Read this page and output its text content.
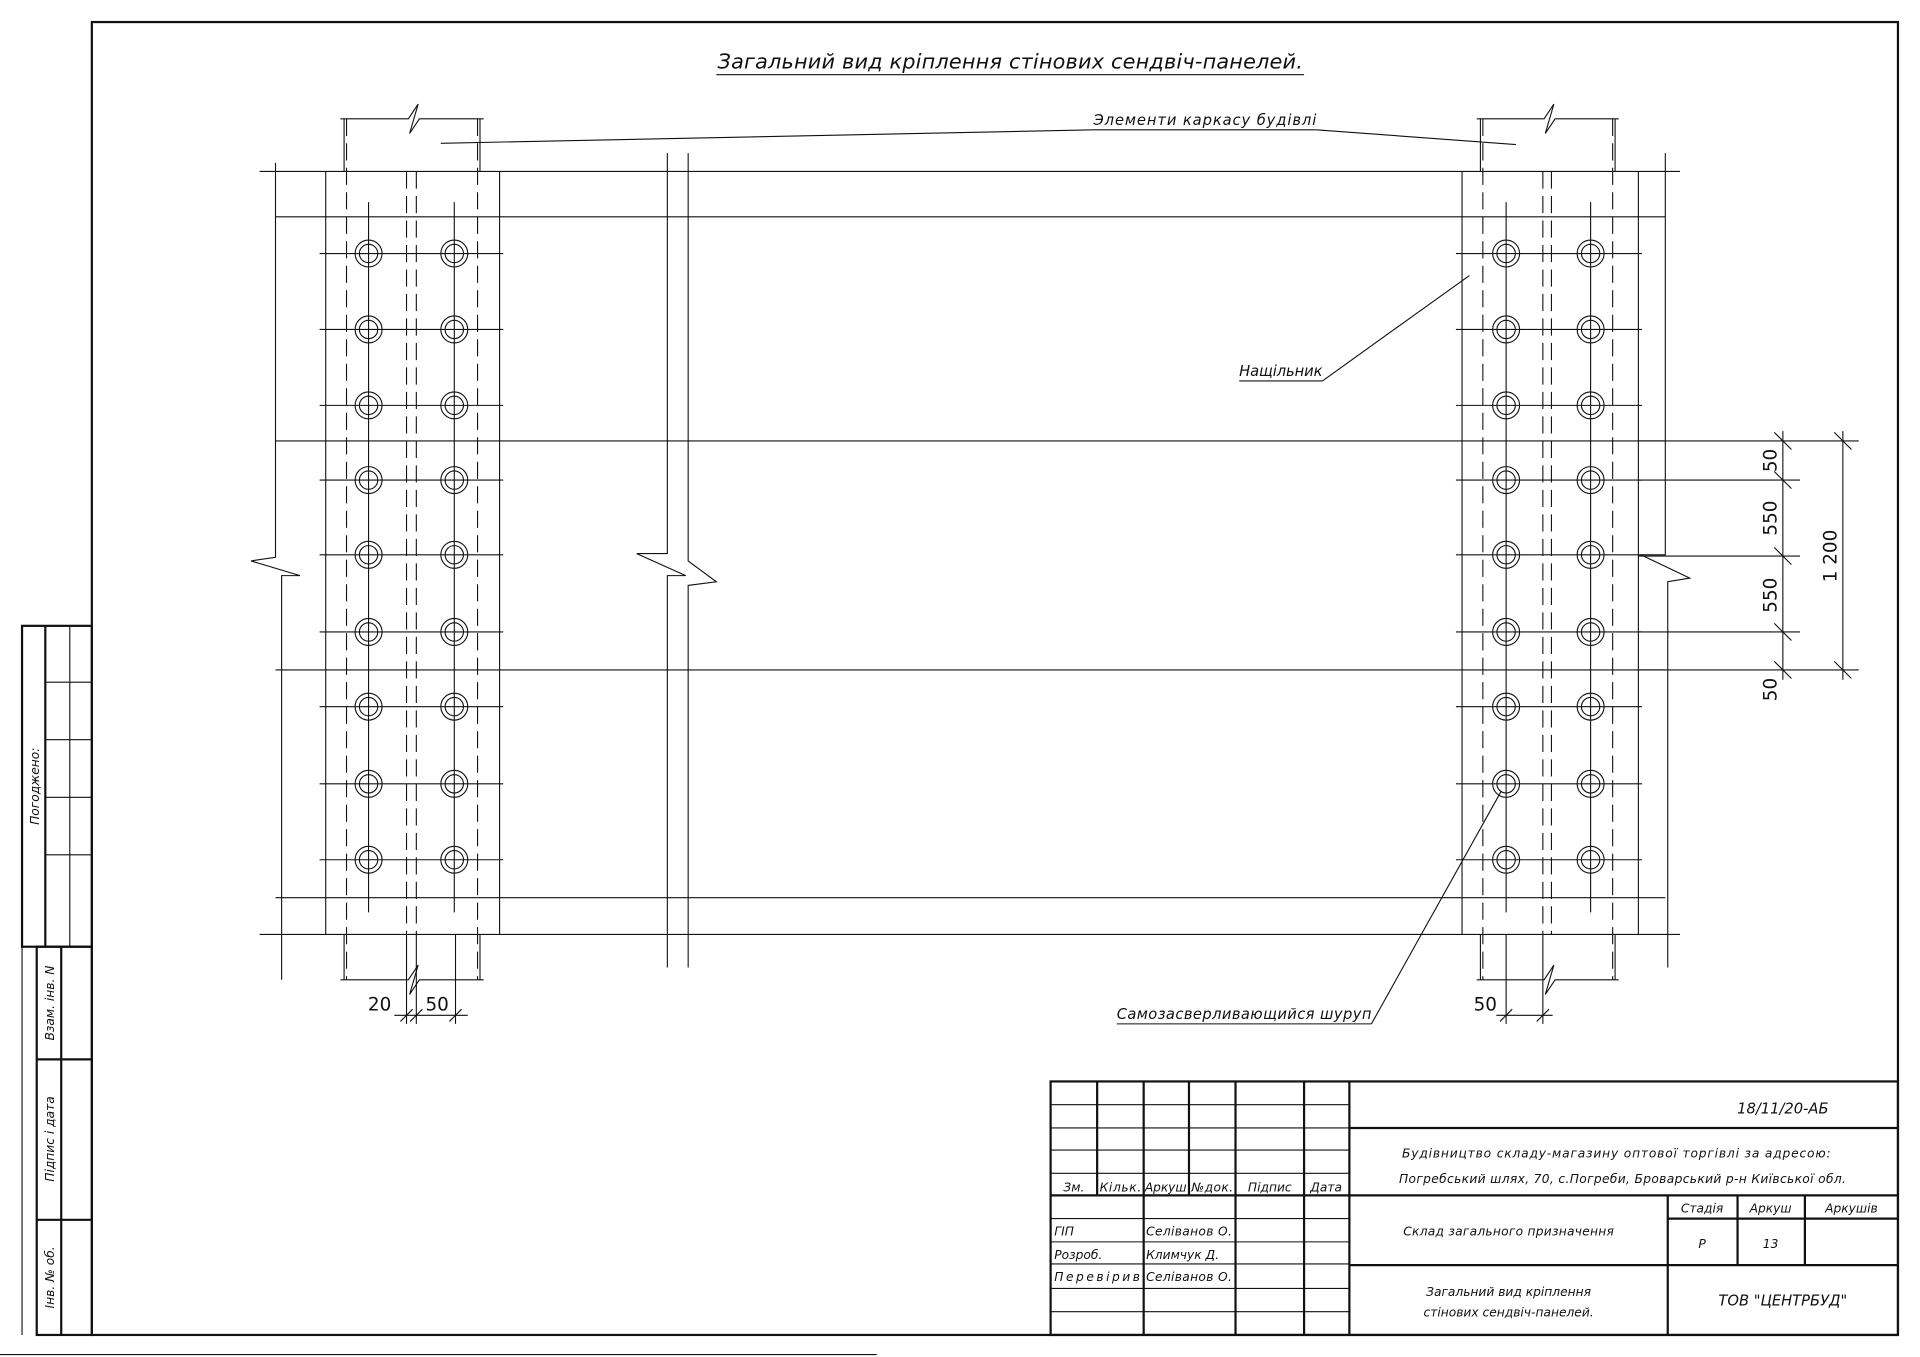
Погоджено:
Взам. інв. N
Підпис і дата
Інв. № об.
Загальний вид кріплення стінових сендвіч-панелей.
50
550
550
50
1 200
20 50	50
Элементи каркасу будівлі
Нащільник
Самозасверливающийся шуруп
18/11/20-АБ
Будівництво складу-магазину оптової торгівлі за адресою:
Погребський шлях, 70, с.Погреби, Броварський р-н Київської обл.
Зм. Кільк. Аркуш №док. Підпис Дата
ГІП	Селіванов О.
Розроб.	Климчук Д.
Перевірив Селіванов О.
Склад загального призначення
Стадія	Аркуш	Аркушів
Р	13
Загальний вид кріплення
стінових сендвіч-панелей.
ТОВ "ЦЕНТРБУД"
